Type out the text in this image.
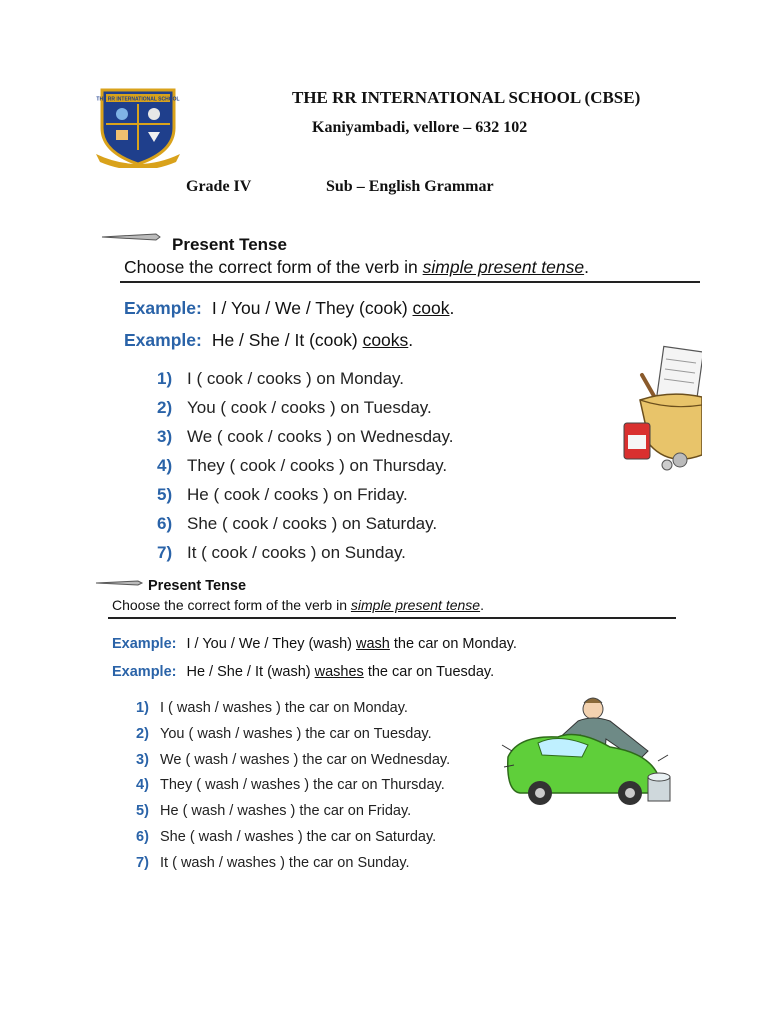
THE RR INTERNATIONAL SCHOOL	THE RR INTERNATIONAL SCHOOL (CBSE)
Kaniyambadi, vellore – 632 102
Grade IV	Sub – English Grammar
Present Tense
Choose the correct form of the verb in simple present tense.
Example: I / You / We / They (cook) cook.
Example: He / She / It (cook) cooks.
1) I ( cook / cooks ) on Monday.
2) You ( cook / cooks ) on Tuesday.
3) We ( cook / cooks ) on Wednesday.
4) They ( cook / cooks ) on Thursday.
5) He ( cook / cooks ) on Friday.
6) She ( cook / cooks ) on Saturday.
7) It ( cook / cooks ) on Sunday.
Present Tense
Choose the correct form of the verb in simple present tense.
Example: I / You / We / They (wash) wash the car on Monday.
Example: He / She / It (wash) washes the car on Tuesday.
1) I ( wash / washes ) the car on Monday.
2) You ( wash / washes ) the car on Tuesday.
3) We ( wash / washes ) the car on Wednesday.
4) They ( wash / washes ) the car on Thursday.
5) He ( wash / washes ) the car on Friday.
6) She ( wash / washes ) the car on Saturday.
7) It ( wash / washes ) the car on Sunday.
